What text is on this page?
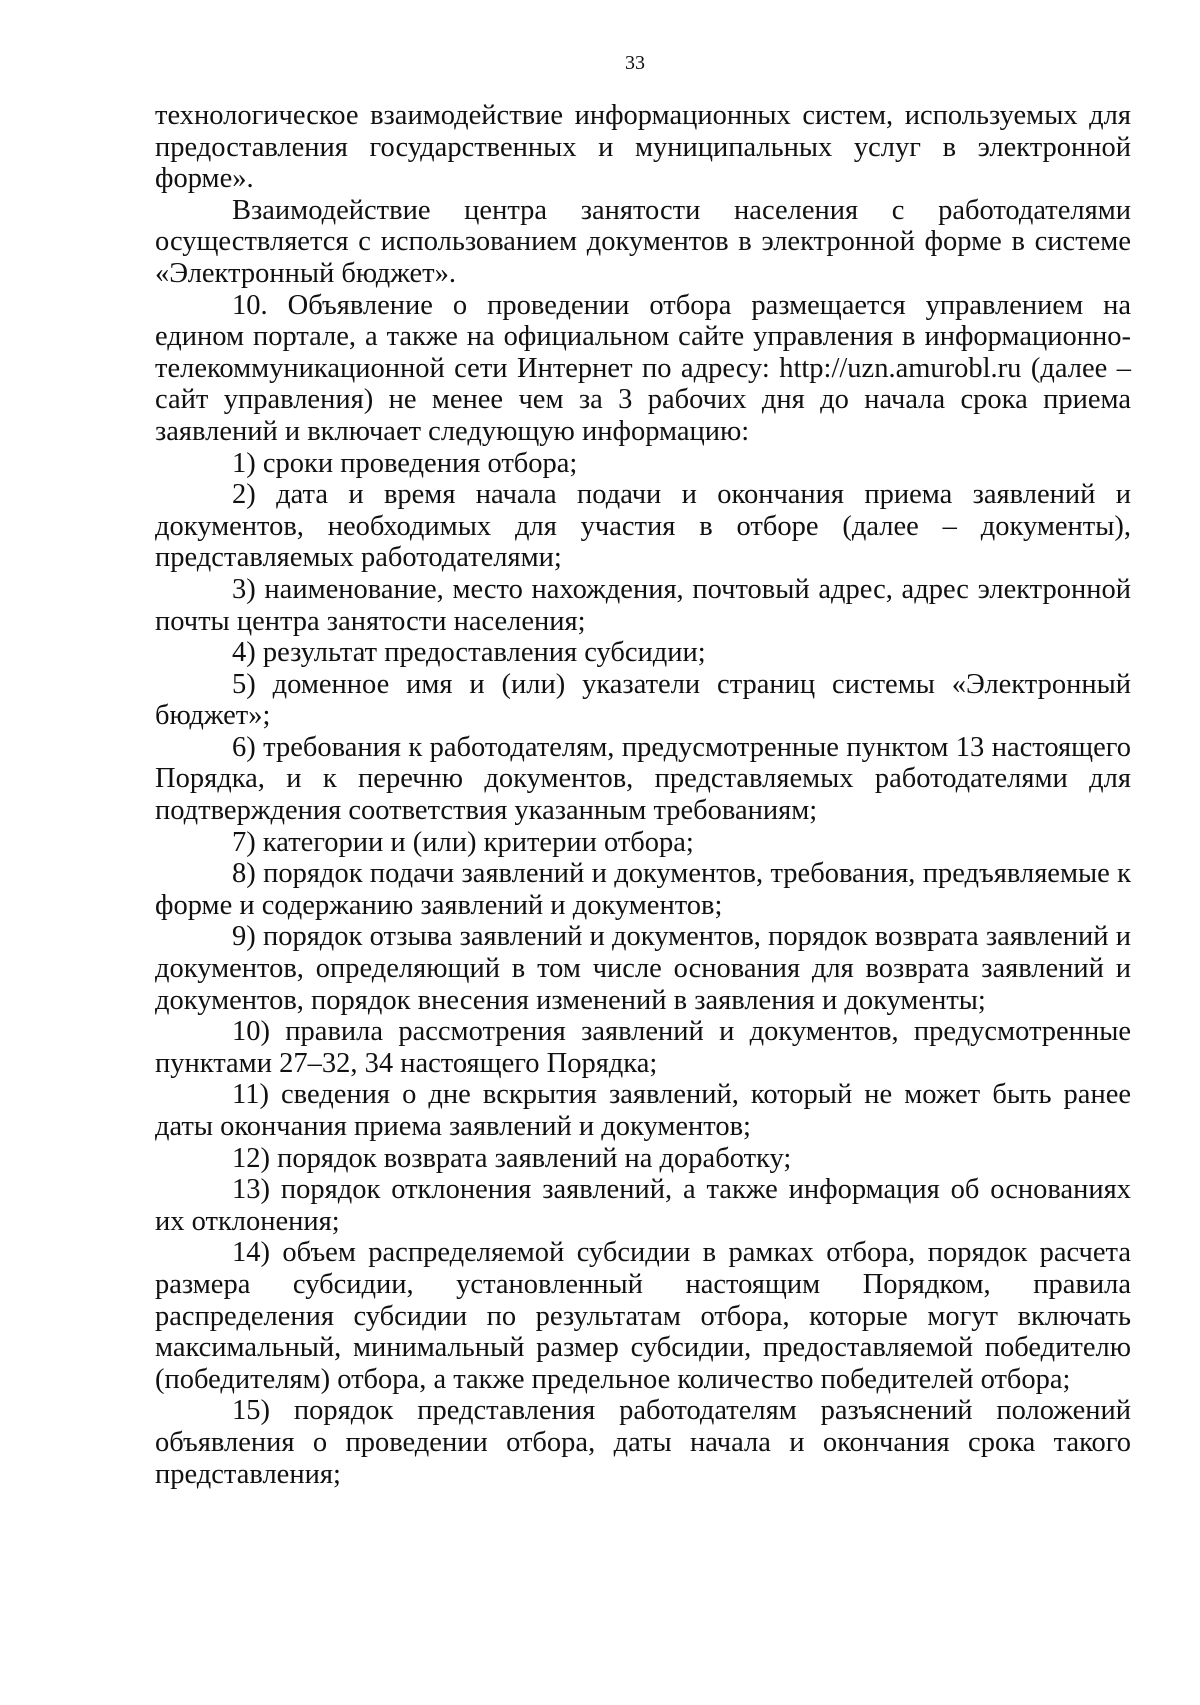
33

технологическое взаимодействие информационных систем, используемых для предоставления государственных и муниципальных услуг в электронной форме».

Взаимодействие центра занятости населения с работодателями осуществляется с использованием документов в электронной форме в системе «Электронный бюджет».

10. Объявление о проведении отбора размещается управлением на едином портале, а также на официальном сайте управления в информационно-телекоммуникационной сети Интернет по адресу: http://uzn.amurobl.ru (далее – сайт управления) не менее чем за 3 рабочих дня до начала срока приема заявлений и включает следующую информацию:

1) сроки проведения отбора;

2) дата и время начала подачи и окончания приема заявлений и документов, необходимых для участия в отборе (далее – документы), представляемых работодателями;

3) наименование, место нахождения, почтовый адрес, адрес электронной почты центра занятости населения;

4) результат предоставления субсидии;

5) доменное имя и (или) указатели страниц системы «Электронный бюджет»;

6) требования к работодателям, предусмотренные пунктом 13 настоящего Порядка, и к перечню документов, представляемых работодателями для подтверждения соответствия указанным требованиям;

7) категории и (или) критерии отбора;

8) порядок подачи заявлений и документов, требования, предъявляемые к форме и содержанию заявлений и документов;

9) порядок отзыва заявлений и документов, порядок возврата заявлений и документов, определяющий в том числе основания для возврата заявлений и документов, порядок внесения изменений в заявления и документы;

10) правила рассмотрения заявлений и документов, предусмотренные пунктами 27–32, 34 настоящего Порядка;

11) сведения о дне вскрытия заявлений, который не может быть ранее даты окончания приема заявлений и документов;

12) порядок возврата заявлений на доработку;

13) порядок отклонения заявлений, а также информация об основаниях их отклонения;

14) объем распределяемой субсидии в рамках отбора, порядок расчета размера субсидии, установленный настоящим Порядком, правила распределения субсидии по результатам отбора, которые могут включать максимальный, минимальный размер субсидии, предоставляемой победителю (победителям) отбора, а также предельное количество победителей отбора;

15) порядок представления работодателям разъяснений положений объявления о проведении отбора, даты начала и окончания срока такого представления;
